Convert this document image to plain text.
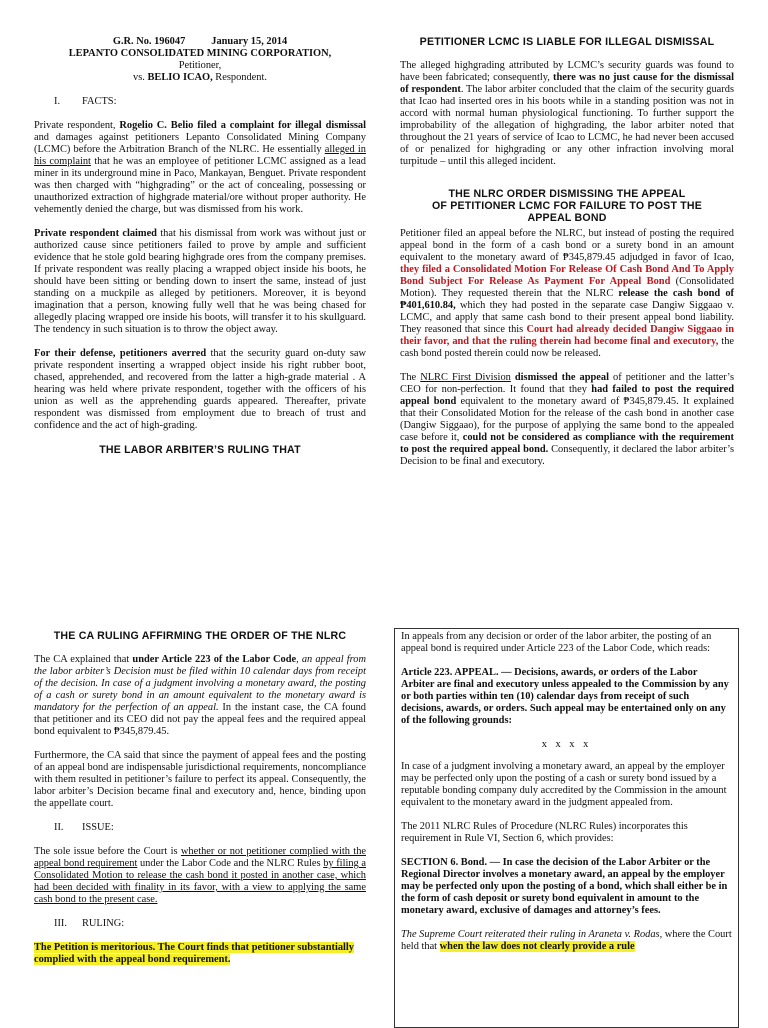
G.R. No. 196047          January 15, 2014
LEPANTO CONSOLIDATED MINING CORPORATION,
Petitioner,
vs. BELIO ICAO, Respondent.
I. FACTS:

Private respondent, Rogelio C. Belio filed a complaint for illegal dismissal and damages against petitioners Lepanto Consolidated Mining Company (LCMC) before the Arbitration Branch of the NLRC. He essentially alleged in his complaint that he was an employee of petitioner LCMC assigned as a lead miner in its underground mine in Paco, Mankayan, Benguet. Private respondent was then charged with “highgrading” or the act of concealing, possessing or unauthorized extraction of highgrade material/ore without proper authority. He vehemently denied the charge, but was dismissed from his work.

Private respondent claimed that his dismissal from work was without just or authorized cause since petitioners failed to prove by ample and sufficient evidence that he stole gold bearing highgrade ores from the company premises. If private respondent was really placing a wrapped object inside his boots, he should have been sitting or bending down to insert the same, instead of just standing on a muckpile as alleged by petitioners. Moreover, it is beyond imagination that a person, knowing fully well that he was being chased for allegedly placing wrapped ore inside his boots, will transfer it to his skullguard. The tendency in such situation is to throw the object away.

For their defense, petitioners averred that the security guard on-duty saw private respondent inserting a wrapped object inside his right rubber boot, chased, apprehended, and recovered from the latter a high-grade material . A hearing was held where private respondent, together with the officers of his union as well as the apprehending guards appeared. Thereafter, private respondent was dismissed from employment due to breach of trust and confidence and the act of high-grading.

THE LABOR ARBITER’S RULING THAT
PETITIONER LCMC IS LIABLE FOR ILLEGAL DISMISSAL

The alleged highgrading attributed by LCMC’s security guards was found to have been fabricated; consequently, there was no just cause for the dismissal of respondent. The labor arbiter concluded that the claim of the security guards that Icao had inserted ores in his boots while in a standing position was not in accord with normal human physiological functioning. To further support the improbability of the allegation of highgrading, the labor arbiter noted that throughout the 21 years of service of Icao to LCMC, he had never been accused of or penalized for highgrading or any other infraction involving moral turpitude – until this alleged incident.

THE NLRC ORDER DISMISSING THE APPEAL
OF PETITIONER LCMC FOR FAILURE TO POST THE
APPEAL BOND

Petitioner filed an appeal before the NLRC, but instead of posting the required appeal bond in the form of a cash bond or a surety bond in an amount equivalent to the monetary award of ₱345,879.45 adjudged in favor of Icao, they filed a Consolidated Motion For Release Of Cash Bond And To Apply Bond Subject For Release As Payment For Appeal Bond (Consolidated Motion). They requested therein that the NLRC release the cash bond of ₱401,610.84, which they had posted in the separate case Dangiw Siggaao v. LCMC, and apply that same cash bond to their present appeal bond liability. They reasoned that since this Court had already decided Dangiw Siggaao in their favor, and that the ruling therein had become final and executory, the cash bond posted therein could now be released.

The NLRC First Division dismissed the appeal of petitioner and the latter’s CEO for non-perfection. It found that they had failed to post the required appeal bond equivalent to the monetary award of ₱345,879.45. It explained that their Consolidated Motion for the release of the cash bond in another case (Dangiw Siggaao), for the purpose of applying the same bond to the appealed case before it, could not be considered as compliance with the requirement to post the required appeal bond. Consequently, it declared the labor arbiter’s Decision to be final and executory.

THE CA RULING AFFIRMING THE ORDER OF THE NLRC

The CA explained that under Article 223 of the Labor Code, an appeal from the labor arbiter’s Decision must be filed within 10 calendar days from receipt of the decision. In case of a judgment involving a monetary award, the posting of a cash or surety bond in an amount equivalent to the monetary award is mandatory for the perfection of an appeal. In the instant case, the CA found that petitioner and its CEO did not pay the appeal fees and the required appeal bond equivalent to ₱345,879.45.

Furthermore, the CA said that since the payment of appeal fees and the posting of an appeal bond are indispensable jurisdictional requirements, noncompliance with them resulted in petitioner’s failure to perfect its appeal. Consequently, the labor arbiter’s Decision became final and executory and, hence, binding upon the appellate court.

II. ISSUE:

The sole issue before the Court is whether or not petitioner complied with the appeal bond requirement under the Labor Code and the NLRC Rules by filing a Consolidated Motion to release the cash bond it posted in another case, which had been decided with finality in its favor, with a view to applying the same cash bond to the present case.

III. RULING:

The Petition is meritorious. The Court finds that petitioner substantially complied with the appeal bond requirement.

In appeals from any decision or order of the labor arbiter, the posting of an appeal bond is required under Article 223 of the Labor Code, which reads:

Article 223. APPEAL. — Decisions, awards, or orders of the Labor Arbiter are final and executory unless appealed to the Commission by any or both parties within ten (10) calendar days from receipt of such decisions, awards, or orders. Such appeal may be entertained only on any of the following grounds:

x x x x

In case of a judgment involving a monetary award, an appeal by the employer may be perfected only upon the posting of a cash or surety bond issued by a reputable bonding company duly accredited by the Commission in the amount equivalent to the monetary award in the judgment appealed from.

The 2011 NLRC Rules of Procedure (NLRC Rules) incorporates this requirement in Rule VI, Section 6, which provides:

SECTION 6. Bond. — In case the decision of the Labor Arbiter or the Regional Director involves a monetary award, an appeal by the employer may be perfected only upon the posting of a bond, which shall either be in the form of cash deposit or surety bond equivalent in amount to the monetary award, exclusive of damages and attorney’s fees.

The Supreme Court reiterated their ruling in Araneta v. Rodas, where the Court held that when the law does not clearly provide a rule
